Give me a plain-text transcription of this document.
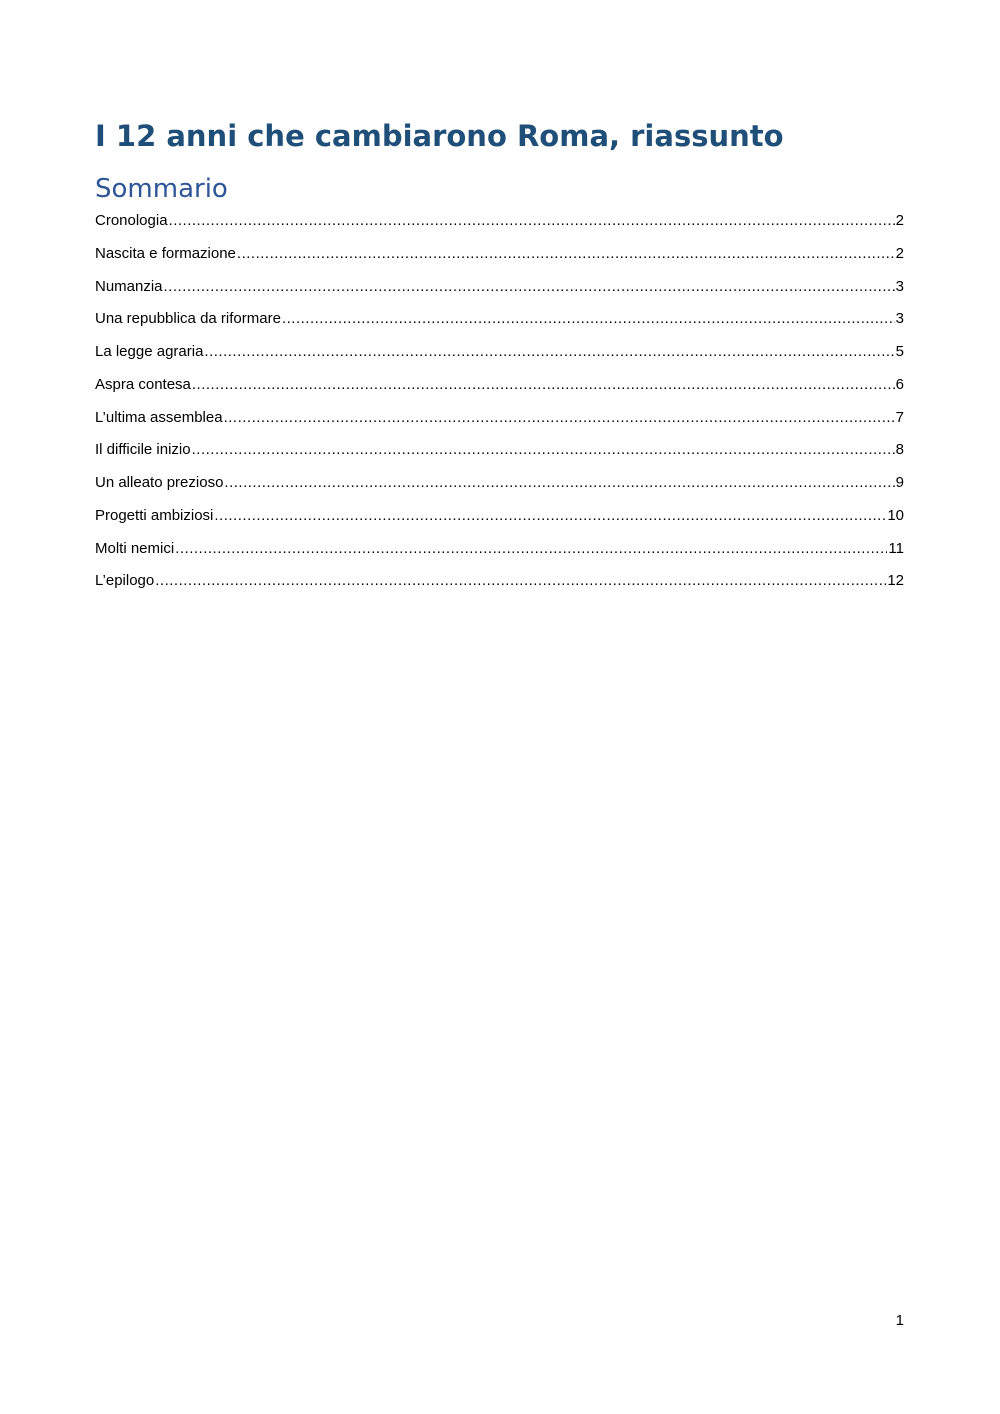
I 12 anni che cambiarono Roma, riassunto
Sommario
Cronologia .....	2
Nascita e formazione .....	2
Numanzia .....	3
Una repubblica da riformare .....	3
La legge agraria .....	5
Aspra contesa .....	6
L’ultima assemblea .....	7
Il difficile inizio .....	8
Un alleato prezioso .....	9
Progetti ambiziosi .....	10
Molti nemici .....	11
L’epilogo .....	12
1
